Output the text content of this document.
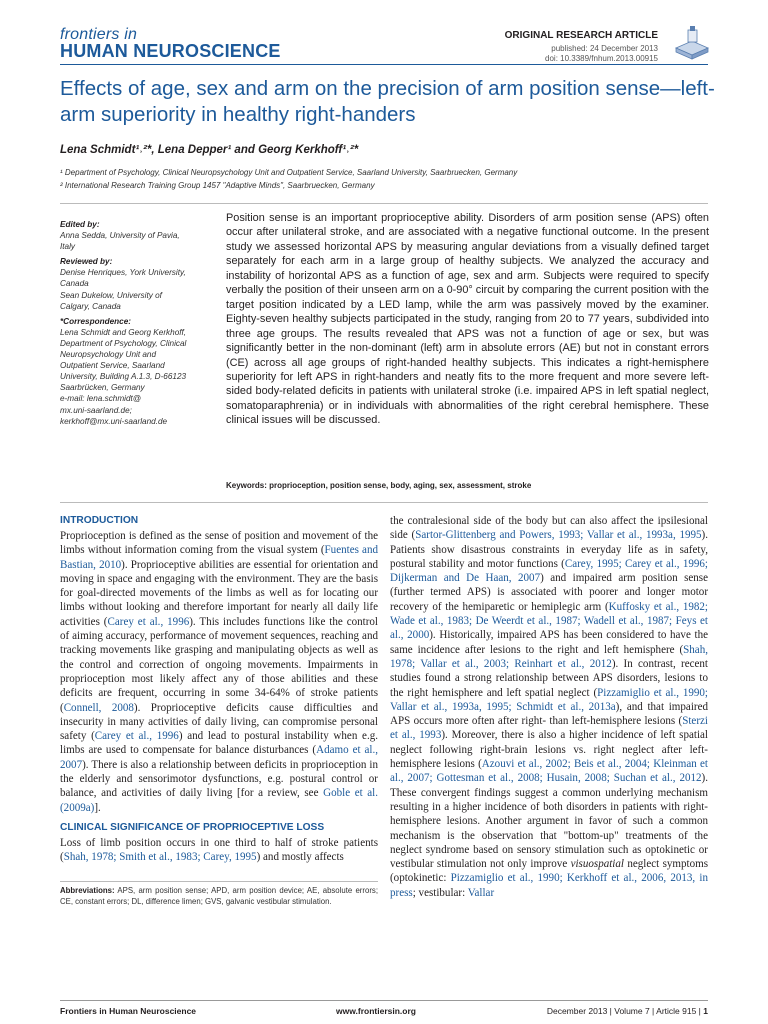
frontiers in
HUMAN NEUROSCIENCE
ORIGINAL RESEARCH ARTICLE
published: 24 December 2013
doi: 10.3389/fnhum.2013.00915
Effects of age, sex and arm on the precision of arm position sense—left-arm superiority in healthy right-handers
Lena Schmidt¹˒²*, Lena Depper¹ and Georg Kerkhoff¹˒²*
¹ Department of Psychology, Clinical Neuropsychology Unit and Outpatient Service, Saarland University, Saarbruecken, Germany
² International Research Training Group 1457 "Adaptive Minds", Saarbruecken, Germany
Edited by:
Anna Sedda, University of Pavia,
Italy
Reviewed by:
Denise Henriques, York University,
Canada
Sean Dukelow, University of
Calgary, Canada
*Correspondence:
Lena Schmidt and Georg Kerkhoff,
Department of Psychology, Clinical
Neuropsychology Unit and
Outpatient Service, Saarland
University, Building A.1.3, D-66123
Saarbrücken, Germany
e-mail: lena.schmidt@
mx.uni-saarland.de;
kerkhoff@mx.uni-saarland.de
Position sense is an important proprioceptive ability. Disorders of arm position sense (APS) often occur after unilateral stroke, and are associated with a negative functional outcome. In the present study we assessed horizontal APS by measuring angular deviations from a visually defined target separately for each arm in a large group of healthy subjects. We analyzed the accuracy and instability of horizontal APS as a function of age, sex and arm. Subjects were required to specify verbally the position of their unseen arm on a 0-90° circuit by comparing the current position with the target position indicated by a LED lamp, while the arm was passively moved by the examiner. Eighty-seven healthy subjects participated in the study, ranging from 20 to 77 years, subdivided into three age groups. The results revealed that APS was not a function of age or sex, but was significantly better in the non-dominant (left) arm in absolute errors (AE) but not in constant errors (CE) across all age groups of right-handed healthy subjects. This indicates a right-hemisphere superiority for left APS in right-handers and neatly fits to the more frequent and more severe left-sided body-related deficits in patients with unilateral stroke (i.e. impaired APS in left spatial neglect, somatoparaphrenia) or in individuals with abnormalities of the right cerebral hemisphere. These clinical issues will be discussed.
Keywords: proprioception, position sense, body, aging, sex, assessment, stroke
INTRODUCTION

Proprioception is defined as the sense of position and movement of the limbs without information coming from the visual system (Fuentes and Bastian, 2010). Proprioceptive abilities are essential for orientation and moving in space and engaging with the environment. They are the basis for goal-directed movements of the limbs as well as for locating our limbs without looking and therefore important for nearly all daily life activities (Carey et al., 1996). This includes functions like the control of aiming accuracy, performance of movement sequences, reaching and tracking movements like grasping and manipulating objects as well as the control and correction of ongoing movements. Impairments in proprioception most likely affect any of those abilities and these deficits are frequent, occurring in some 34-64% of stroke patients (Connell, 2008). Proprioceptive deficits cause difficulties and insecurity in many activities of daily living, can compromise personal safety (Carey et al., 1996) and lead to postural instability when e.g. limbs are used to compensate for balance disturbances (Adamo et al., 2007). There is also a relationship between deficits in proprioception in the elderly and sensorimotor dysfunctions, e.g. postural control or balance, and activities of daily living [for a review, see Goble et al. (2009a)].

CLINICAL SIGNIFICANCE OF PROPRIOCEPTIVE LOSS

Loss of limb position occurs in one third to half of stroke patients (Shah, 1978; Smith et al., 1983; Carey, 1995) and mostly affects

the contralesional side of the body but can also affect the ipsilesional side (Sartor-Glittenberg and Powers, 1993; Vallar et al., 1993a, 1995). Patients show disastrous constraints in everyday life as in safety, postural stability and motor functions (Carey, 1995; Carey et al., 1996; Dijkerman and De Haan, 2007) and impaired arm position sense (further termed APS) is associated with poorer and longer motor recovery of the hemiparetic or hemiplegic arm (Kuffosky et al., 1982; Wade et al., 1983; De Weerdt et al., 1987; Wadell et al., 1987; Feys et al., 2000). Historically, impaired APS has been considered to have the same incidence after lesions to the right and left hemisphere (Shah, 1978; Vallar et al., 2003; Reinhart et al., 2012). In contrast, recent studies found a strong relationship between APS disorders, lesions to the right hemisphere and left spatial neglect (Pizzamiglio et al., 1990; Vallar et al., 1993a, 1995; Schmidt et al., 2013a), and that impaired APS occurs more often after right- than left-hemisphere lesions (Sterzi et al., 1993). Moreover, there is also a higher incidence of left spatial neglect following right-brain lesions vs. right neglect after left-hemisphere lesions (Azouvi et al., 2002; Beis et al., 2004; Kleinman et al., 2007; Gottesman et al., 2008; Husain, 2008; Suchan et al., 2012). These convergent findings suggest a common underlying mechanism resulting in a higher incidence of both disorders in patients with right-hemisphere lesions. Another argument in favor of such a common mechanism is the observation that "bottom-up" treatments of the neglect syndrome based on sensory stimulation such as optokinetic or vestibular stimulation not only improve visuospatial neglect symptoms (optokinetic: Pizzamiglio et al., 1990; Kerkhoff et al., 2006, 2013, in press; vestibular: Vallar

Abbreviations: APS, arm position sense; APD, arm position device; AE, absolute errors; CE, constant errors; DL, difference limen; GVS, galvanic vestibular stimulation.
Frontiers in Human Neuroscience	www.frontiersin.org	December 2013 | Volume 7 | Article 915 | 1
